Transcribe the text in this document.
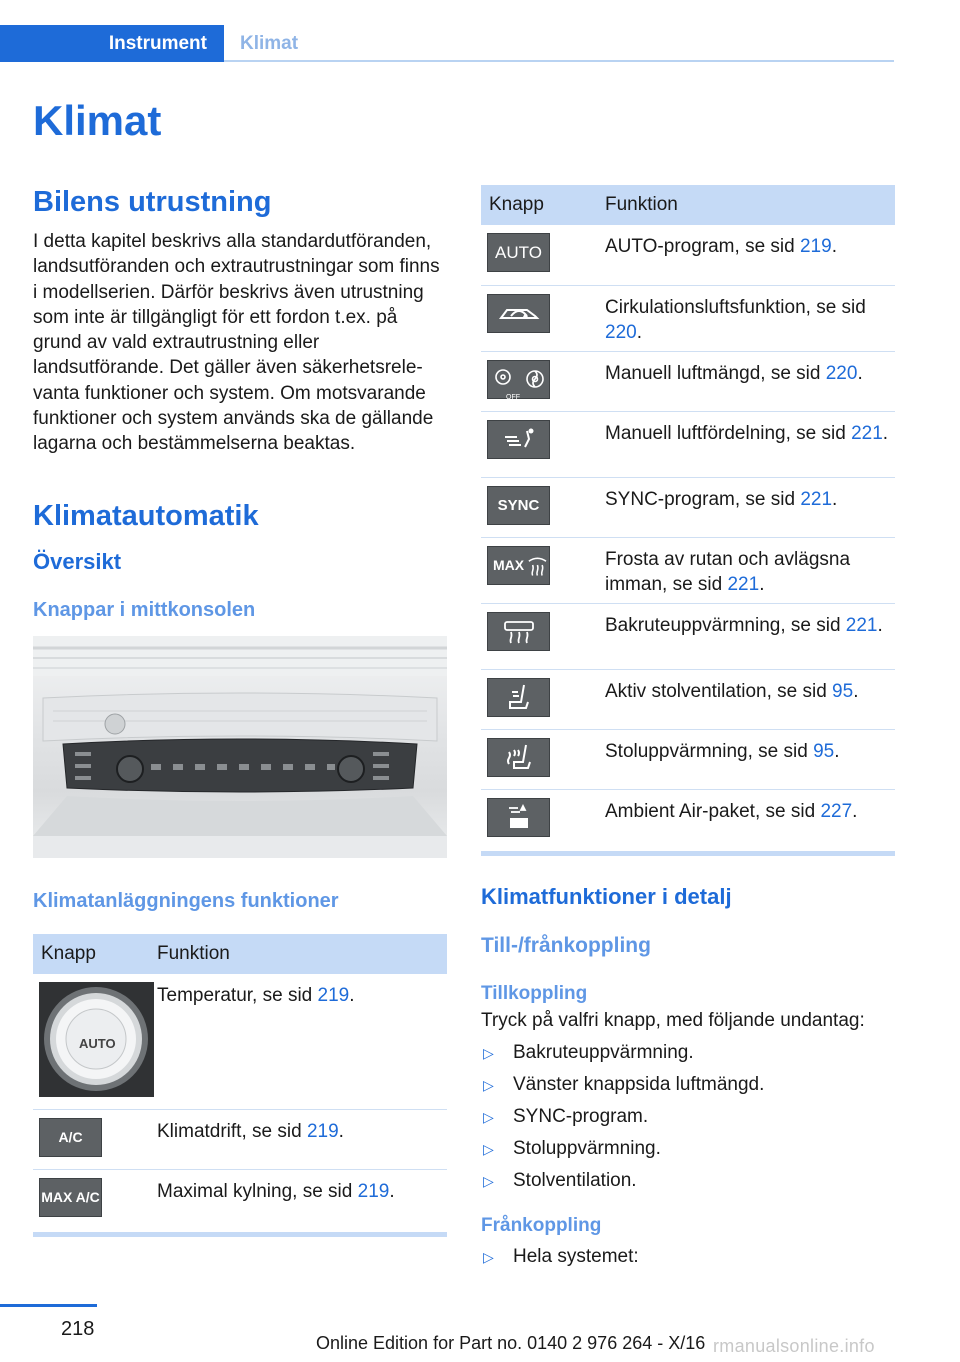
Instrument Klimat
Klimat
Bilens utrustning

I detta kapitel beskrivs alla standardutföranden, landsutföranden och extrautrustningar som finns i modellserien. Därför beskrivs även utrustning som inte är tillgängligt för ett fordon t.ex. på grund av vald extrautrustning eller landsutförande. Det gäller även säkerhetsrelevanta funktioner och system. Om motsvarande funktioner och system används ska de gällande lagarna och bestämmelserna beaktas.

Klimatautomatik
Översikt
Knappar i mittkonsolen
Klimatanläggningens funktioner
Knapp	Funktion

AUTO	Temperatur, se sid 219.

A/C	Klimatdrift, se sid 219.

MAX A/C	Maximal kylning, se sid 219.
Knapp	Funktion

AUTO	AUTO-program, se sid 219.

	Cirkulationsluftsfunktion, se sid 220.

OFF	Manuell luftmängd, se sid 220.

	Manuell luftfördelning, se sid 221.

SYNC	SYNC-program, se sid 221.

MAX	Frosta av rutan och avlägsna imman, se sid 221.

	Bakruteuppvärmning, se sid 221.

	Aktiv stolventilation, se sid 95.

	Stoluppvärmning, se sid 95.

	Ambient Air-paket, se sid 227.
Klimatfunktioner i detalj
Till-/frånkoppling
Tillkoppling

Tryck på valfri knapp, med följande undantag:

▷ Bakruteuppvärmning.
▷ Vänster knappsida luftmängd.
▷ SYNC-program.
▷ Stoluppvärmning.
▷ Stolventilation.
Frånkoppling
▷ Hela systemet:
218
Online Edition for Part no. 0140 2 976 264 - X/16 rmanualsonline.info
